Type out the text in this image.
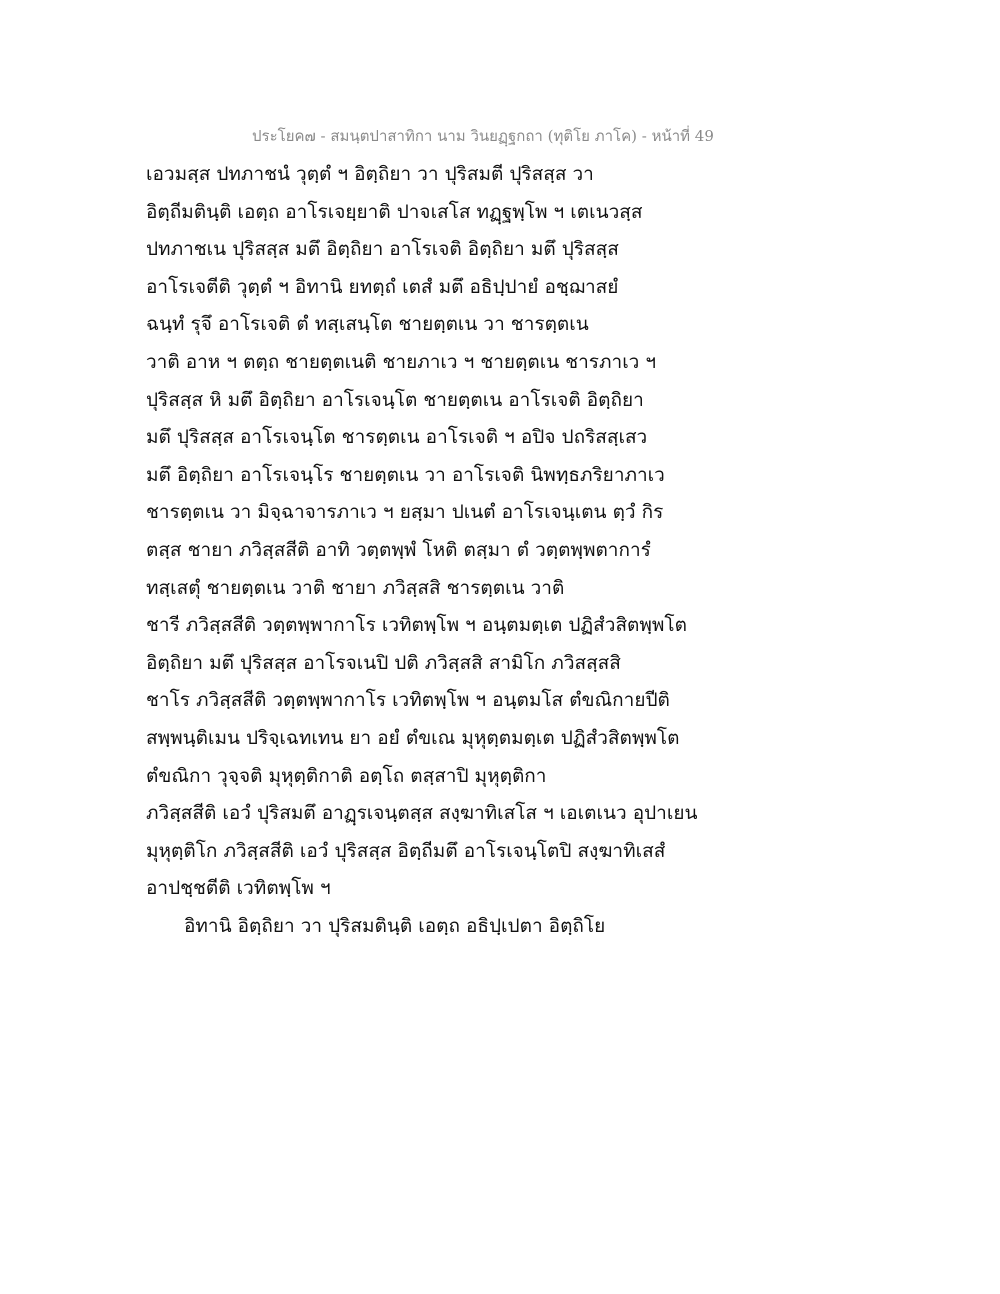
ประโยค๗ - สมนฺตปาสาทิกา นาม วินยฏฺฐกถา (ทุติโย ภาโค) - หน้าที่ 49
เอวมสฺส ปทภาชนํ วุตฺตํ ฯ อิตฺถิยา วา ปุริสมตี ปุริสสฺส วา
อิตฺถีมตินฺติ เอตฺถ อาโรเจยฺยาติ ปาจเสโส ทฏฺฐพฺโพ ฯ เตเนวสฺส
ปทภาชเน ปุริสสฺส มตึ อิตฺถิยา อาโรเจติ อิตฺถิยา มตึ ปุริสสฺส
อาโรเจตีติ วุตฺตํ ฯ อิทานิ ยทตฺถํ เตสํ มตึ อธิปฺปายํ อชฺฌาสยํ
ฉนฺทํ รุจึ อาโรเจติ ตํ ทสฺเสนฺโต ชายตฺตเน วา ชารตฺตเน
วาติ อาห ฯ ตตฺถ ชายตฺตเนติ ชายภาเว ฯ ชายตฺตเน ชารภาเว ฯ
ปุริสสฺส หิ มตึ อิตฺถิยา อาโรเจนฺโต ชายตฺตเน อาโรเจติ อิตฺถิยา
มตึ ปุริสสฺส อาโรเจนฺโต ชารตฺตเน อาโรเจติ ฯ อปิจ ปถริสสฺเสว
มตึ อิตฺถิยา อาโรเจนฺโร ชายตฺตเน วา อาโรเจติ นิพทฺธภริยาภาเว
ชารตฺตเน วา มิจฺฉาจารภาเว ฯ ยสฺมา ปเนตํ อาโรเจนฺเตน ตฺวํ กิร
ตสฺส ชายา ภวิสฺสสีติ อาทิ วตฺตพฺพํ โหติ ตสฺมา ตํ วตฺตพฺพตาการํ
ทสฺเสตุํ ชายตฺตเน วาติ ชายา ภวิสฺสสิ ชารตฺตเน วาติ
ชารี ภวิสฺสสีติ วตฺตพฺพากาโร เวทิตพฺโพ ฯ อนฺตมตฺเต ปฏิสํวสิตพฺพโต
อิตฺถิยา มตึ ปุริสสฺส อาโรจเนปิ ปติ ภวิสฺสสิ สามิโก ภวิสสฺสสิ
ชาโร ภวิสฺสสีติ วตฺตพฺพากาโร เวทิตพฺโพ ฯ อนฺตมโส ตํขณิกายปีติ
สพฺพนฺติเมน ปริจฺเฉทเทน ยา อยํ ตํขเณ มุหุตฺตมตฺเต ปฏิสํวสิตพฺพโต
ตํขณิกา วุจฺจติ มุหุตฺติกาติ อตฺโถ ตสฺสาปิ มุหุตฺติกา
ภวิสฺสสีติ เอวํ ปุริสมตึ อาฏฺรเจนฺตสฺส สงฺฆาทิเสโส ฯ เอเตเนว อุปาเยน
มุหุตฺติโก ภวิสฺสสีติ เอวํ ปุริสสฺส อิตฺถีมตึ อาโรเจนฺโตปิ สงฺฆาทิเสสํ
อาปชฺชตีติ เวทิตพฺโพ ฯ
อิทานิ อิตฺถิยา วา ปุริสมตินฺติ เอตฺถ อธิปฺเปตา อิตฺถิโย
